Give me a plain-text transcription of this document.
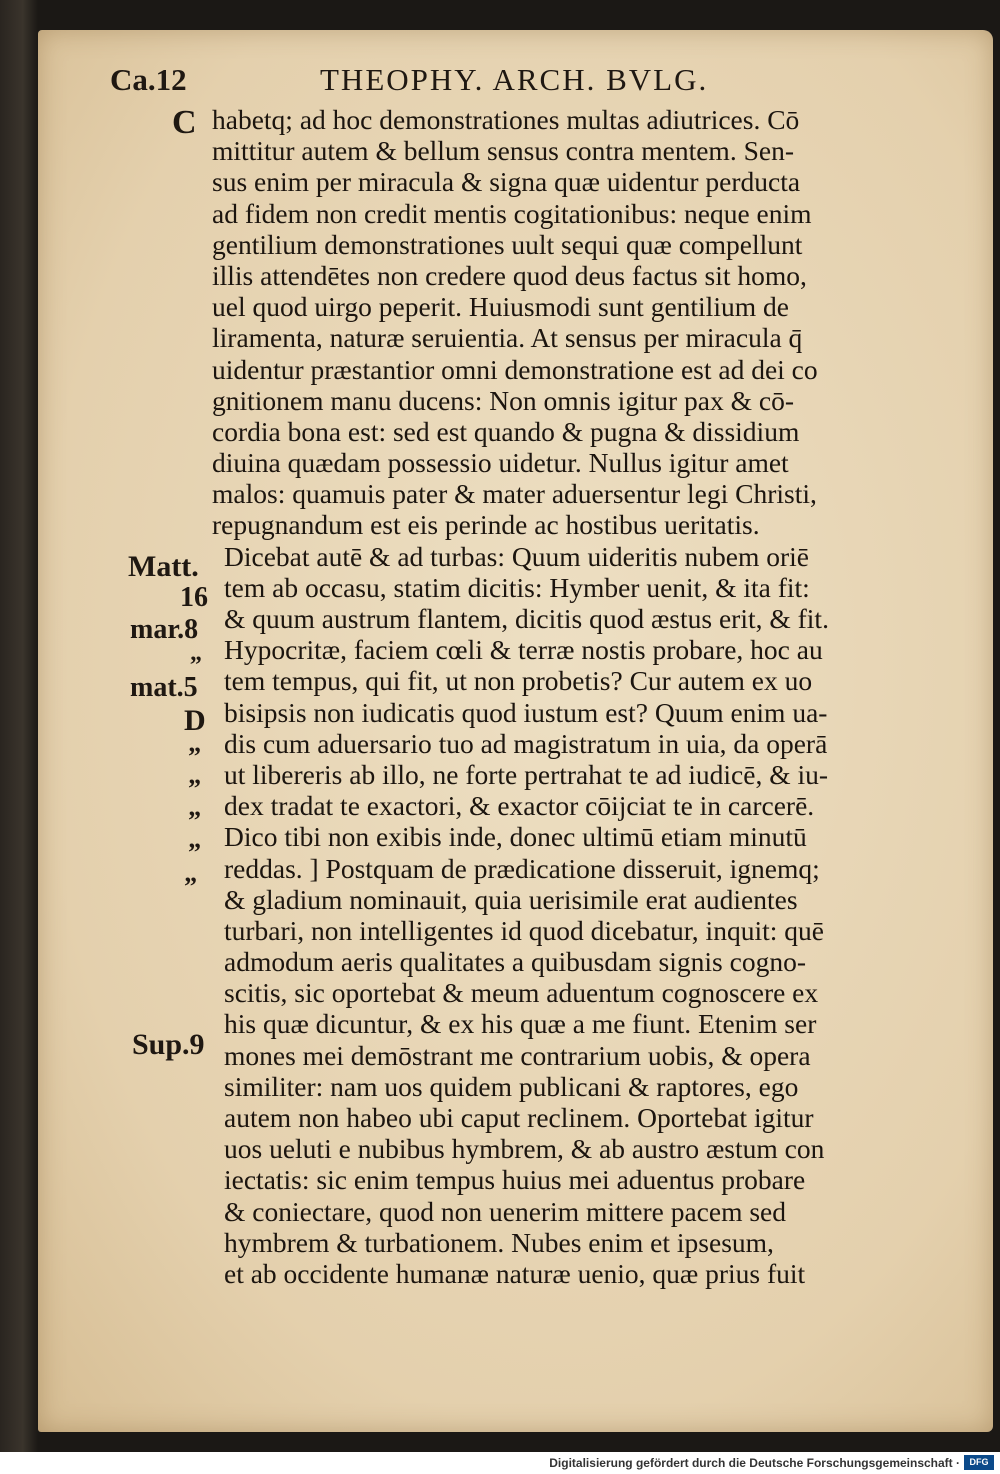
Ca.12	THEOPHY. ARCH. BVLG.
C
Matt.
16
mar.8
„
mat.5
D
”
”
”
”
”
Sup.9
habetq; ad hoc demonstrationes multas adiutrices. Cō
mittitur autem & bellum sensus contra mentem. Sen-
sus enim per miracula & signa quæ uidentur perducta
ad fidem non credit mentis cogitationibus: neque enim
gentilium demonstrationes uult sequi quæ compellunt
illis attendētes non credere quod deus factus sit homo,
uel quod uirgo peperit. Huiusmodi sunt gentilium de
liramenta, naturæ seruientia. At sensus per miracula q̄
uidentur præstantior omni demonstratione est ad dei co
gnitionem manu ducens: Non omnis igitur pax & cō-
cordia bona est: sed est quando & pugna & dissidium
diuina quædam possessio uidetur. Nullus igitur amet
malos: quamuis pater & mater aduersentur legi Christi,
repugnandum est eis perinde ac hostibus ueritatis.
Dicebat autē & ad turbas: Quum uideritis nubem oriē
tem ab occasu, statim dicitis: Hymber uenit, & ita fit:
& quum austrum flantem, dicitis quod æstus erit, & fit.
Hypocritæ, faciem cœli & terræ nostis probare, hoc au
tem tempus, qui fit, ut non probetis? Cur autem ex uo
bisipsis non iudicatis quod iustum est? Quum enim ua-
dis cum aduersario tuo ad magistratum in uia, da operā
ut libereris ab illo, ne forte pertrahat te ad iudicē, & iu-
dex tradat te exactori, & exactor cōijciat te in carcerē.
Dico tibi non exibis inde, donec ultimū etiam minutū
reddas. ] Postquam de prædicatione disseruit, ignemq;
& gladium nominauit, quia uerisimile erat audientes
turbari, non intelligentes id quod dicebatur, inquit: quē
admodum aeris qualitates a quibusdam signis cogno-
scitis, sic oportebat & meum aduentum cognoscere ex
his quæ dicuntur, & ex his quæ a me fiunt. Etenim ser
mones mei demōstrant me contrarium uobis, & opera
similiter: nam uos quidem publicani & raptores, ego
autem non habeo ubi caput reclinem. Oportebat igitur
uos ueluti e nubibus hymbrem, & ab austro æstum con
iectatis: sic enim tempus huius mei aduentus probare
& coniectare, quod non uenerim mittere pacem sed
hymbrem & turbationem. Nubes enim et ipsesum,
et ab occidente humanæ naturæ uenio, quæ prius fuit
Digitalisierung gefördert durch die Deutsche Forschungsgemeinschaft ·	DFG
